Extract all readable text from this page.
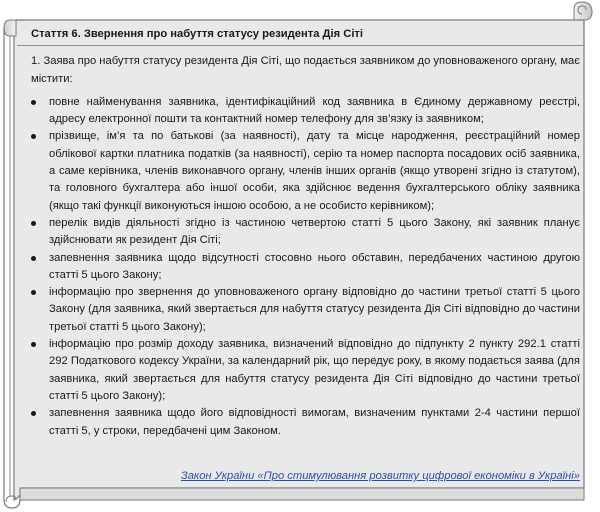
Стаття 6. Звернення про набуття статусу резидента Дія Сіті

1. Заява про набуття статусу резидента Дія Сіті, що подається заявником до уповноваженого органу, має містити:

повне найменування заявника, ідентифікаційний код заявника в Єдиному державному реєстрі, адресу електронної пошти та контактний номер телефону для зв’язку із заявником;
прізвище, ім’я та по батькові (за наявності), дату та місце народження, реєстраційний номер облікової картки платника податків (за наявності), серію та номер паспорта посадових осіб заявника, а саме керівника, членів виконавчого органу, членів інших органів (якщо утворені згідно із статутом), та головного бухгалтера або іншої особи, яка здійснює ведення бухгалтерського обліку заявника (якщо такі функції виконуються іншою особою, а не особисто керівником);
перелік видів діяльності згідно із частиною четвертою статті 5 цього Закону, які заявник планує здійснювати як резидент Дія Сіті;
запевнення заявника щодо відсутності стосовно нього обставин, передбачених частиною другою статті 5 цього Закону;
інформацію про звернення до уповноваженого органу відповідно до частини третьої статті 5 цього Закону (для заявника, який звертається для набуття статусу резидента Дія Сіті відповідно до частини третьої статті 5 цього Закону);
інформацію про розмір доходу заявника, визначений відповідно до підпункту 2 пункту 292.1 статті 292 Податкового кодексу України, за календарний рік, що передує року, в якому подається заява (для заявника, який звертається для набуття статусу резидента Дія Сіті відповідно до частини третьої статті 5 цього Закону);
запевнення заявника щодо його відповідності вимогам, визначеним пунктами 2-4 частини першої статті 5, у строки, передбачені цим Законом.
Закон України «Про стимулювання розвитку цифрової економіки в Україні»
